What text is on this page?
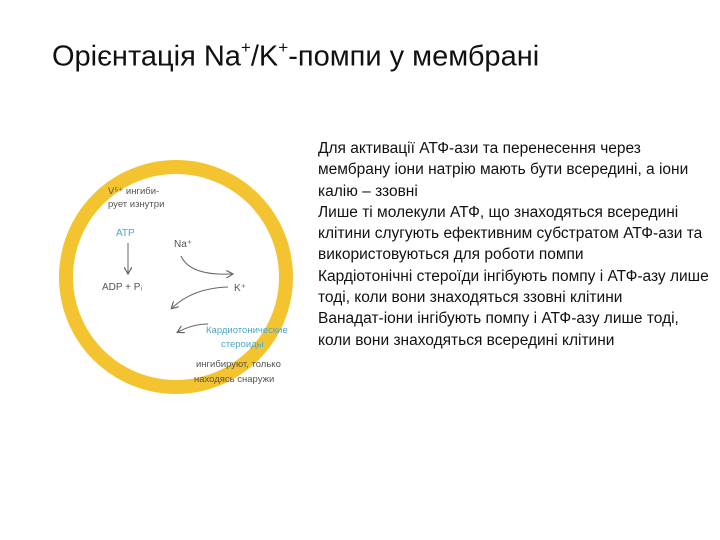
Орієнтація Na+/K+-помпи у мембрані
V⁵⁺ ингиби-
рует изнутри
ATP
ADP + Pᵢ
Na⁺
K⁺
Кардиотонические
стероиды
ингибируют, только
находясь снаружи

Для активації АТФ-ази та перенесення через мембрану іони натрію мають бути всередині, а іони калію – ззовні

Лише ті молекули АТФ, що знаходяться всередині клітини слугують ефективним субстратом АТФ-ази та використовуються для роботи помпи

Кардіотонічні стероїди інгібують помпу і АТФ-азу лише тоді, коли вони знаходяться ззовні клітини

Ванадат-іони інгібують помпу і АТФ-азу лише тоді, коли вони знаходяться всередині клітини
